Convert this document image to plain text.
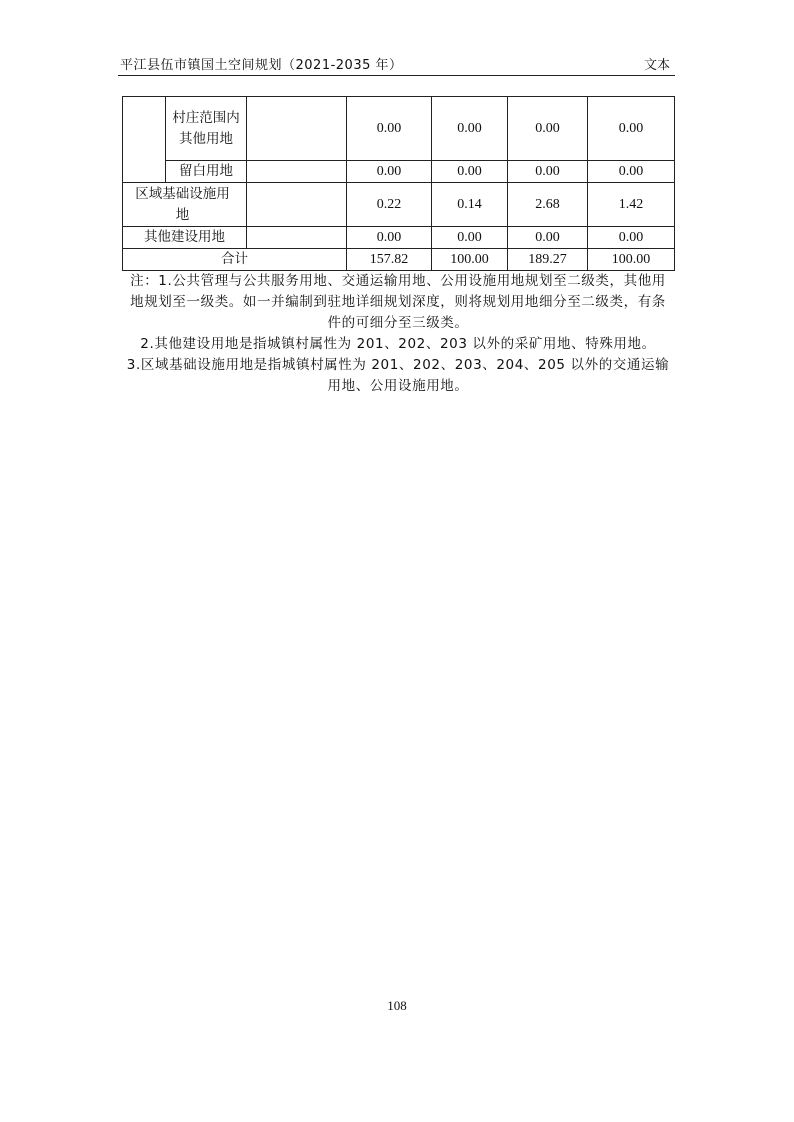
平江县伍市镇国土空间规划（2021-2035 年）	文本
	村庄范围内其他用地		0.00	0.00	0.00	0.00
	留白用地		0.00	0.00	0.00	0.00
区域基础设施用地			0.22	0.14	2.68	1.42
其他建设用地			0.00	0.00	0.00	0.00
合计			157.82	100.00	189.27	100.00

注：1.公共管理与公共服务用地、交通运输用地、公用设施用地规划至二级类，其他用地规划至一级类。如一并编制到驻地详细规划深度，则将规划用地细分至二级类，有条件的可细分至三级类。

2.其他建设用地是指城镇村属性为 201、202、203 以外的采矿用地、特殊用地。

3.区域基础设施用地是指城镇村属性为 201、202、203、204、205 以外的交通运输用地、公用设施用地。

108
